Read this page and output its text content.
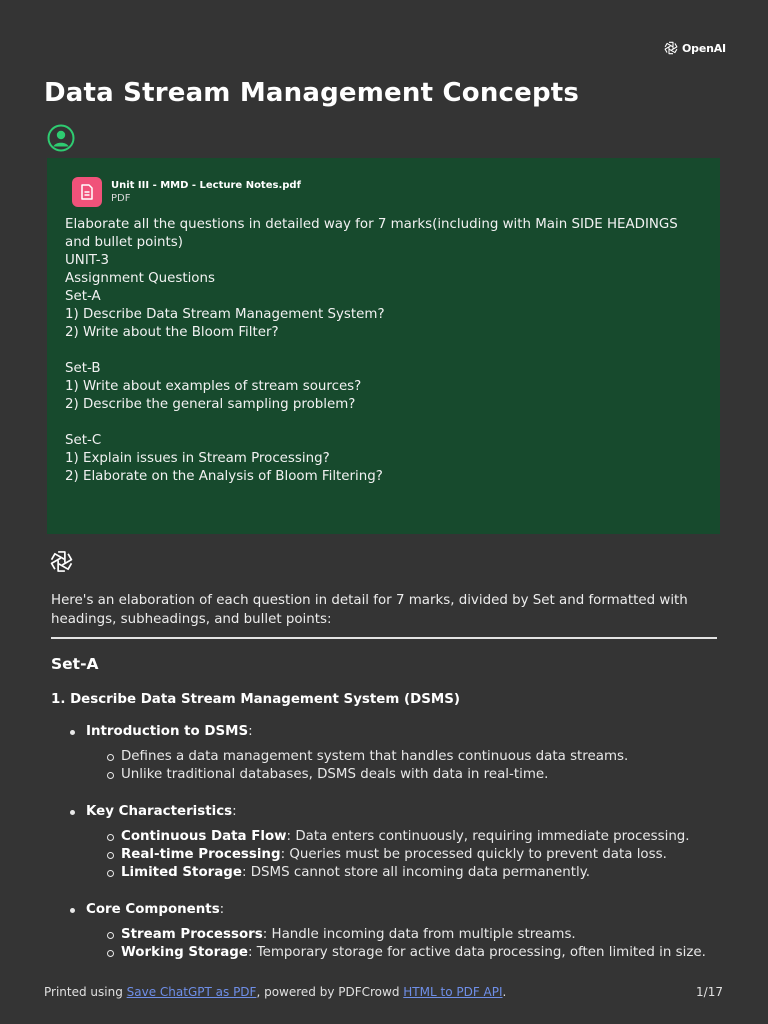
OpenAI
Data Stream Management Concepts
Unit III - MMD - Lecture Notes.pdf
PDF
Elaborate all the questions in detailed way for 7 marks(including with Main SIDE HEADINGS and bullet points)
UNIT-3
Assignment Questions
Set-A
1) Describe Data Stream Management System?
2) Write about the Bloom Filter?
Set-B
1) Write about examples of stream sources?
2) Describe the general sampling problem?
Set-C
1) Explain issues in Stream Processing?
2) Elaborate on the Analysis of Bloom Filtering?

Here's an elaboration of each question in detail for 7 marks, divided by Set and formatted with headings, subheadings, and bullet points:

Set-A
1. Describe Data Stream Management System (DSMS)
Introduction to DSMS:
Defines a data management system that handles continuous data streams.
Unlike traditional databases, DSMS deals with data in real-time.
Key Characteristics:
Continuous Data Flow: Data enters continuously, requiring immediate processing.
Real-time Processing: Queries must be processed quickly to prevent data loss.
Limited Storage: DSMS cannot store all incoming data permanently.
Core Components:
Stream Processors: Handle incoming data from multiple streams.
Working Storage: Temporary storage for active data processing, often limited in size.
Printed using Save ChatGPT as PDF, powered by PDFCrowd HTML to PDF API.	1/17
